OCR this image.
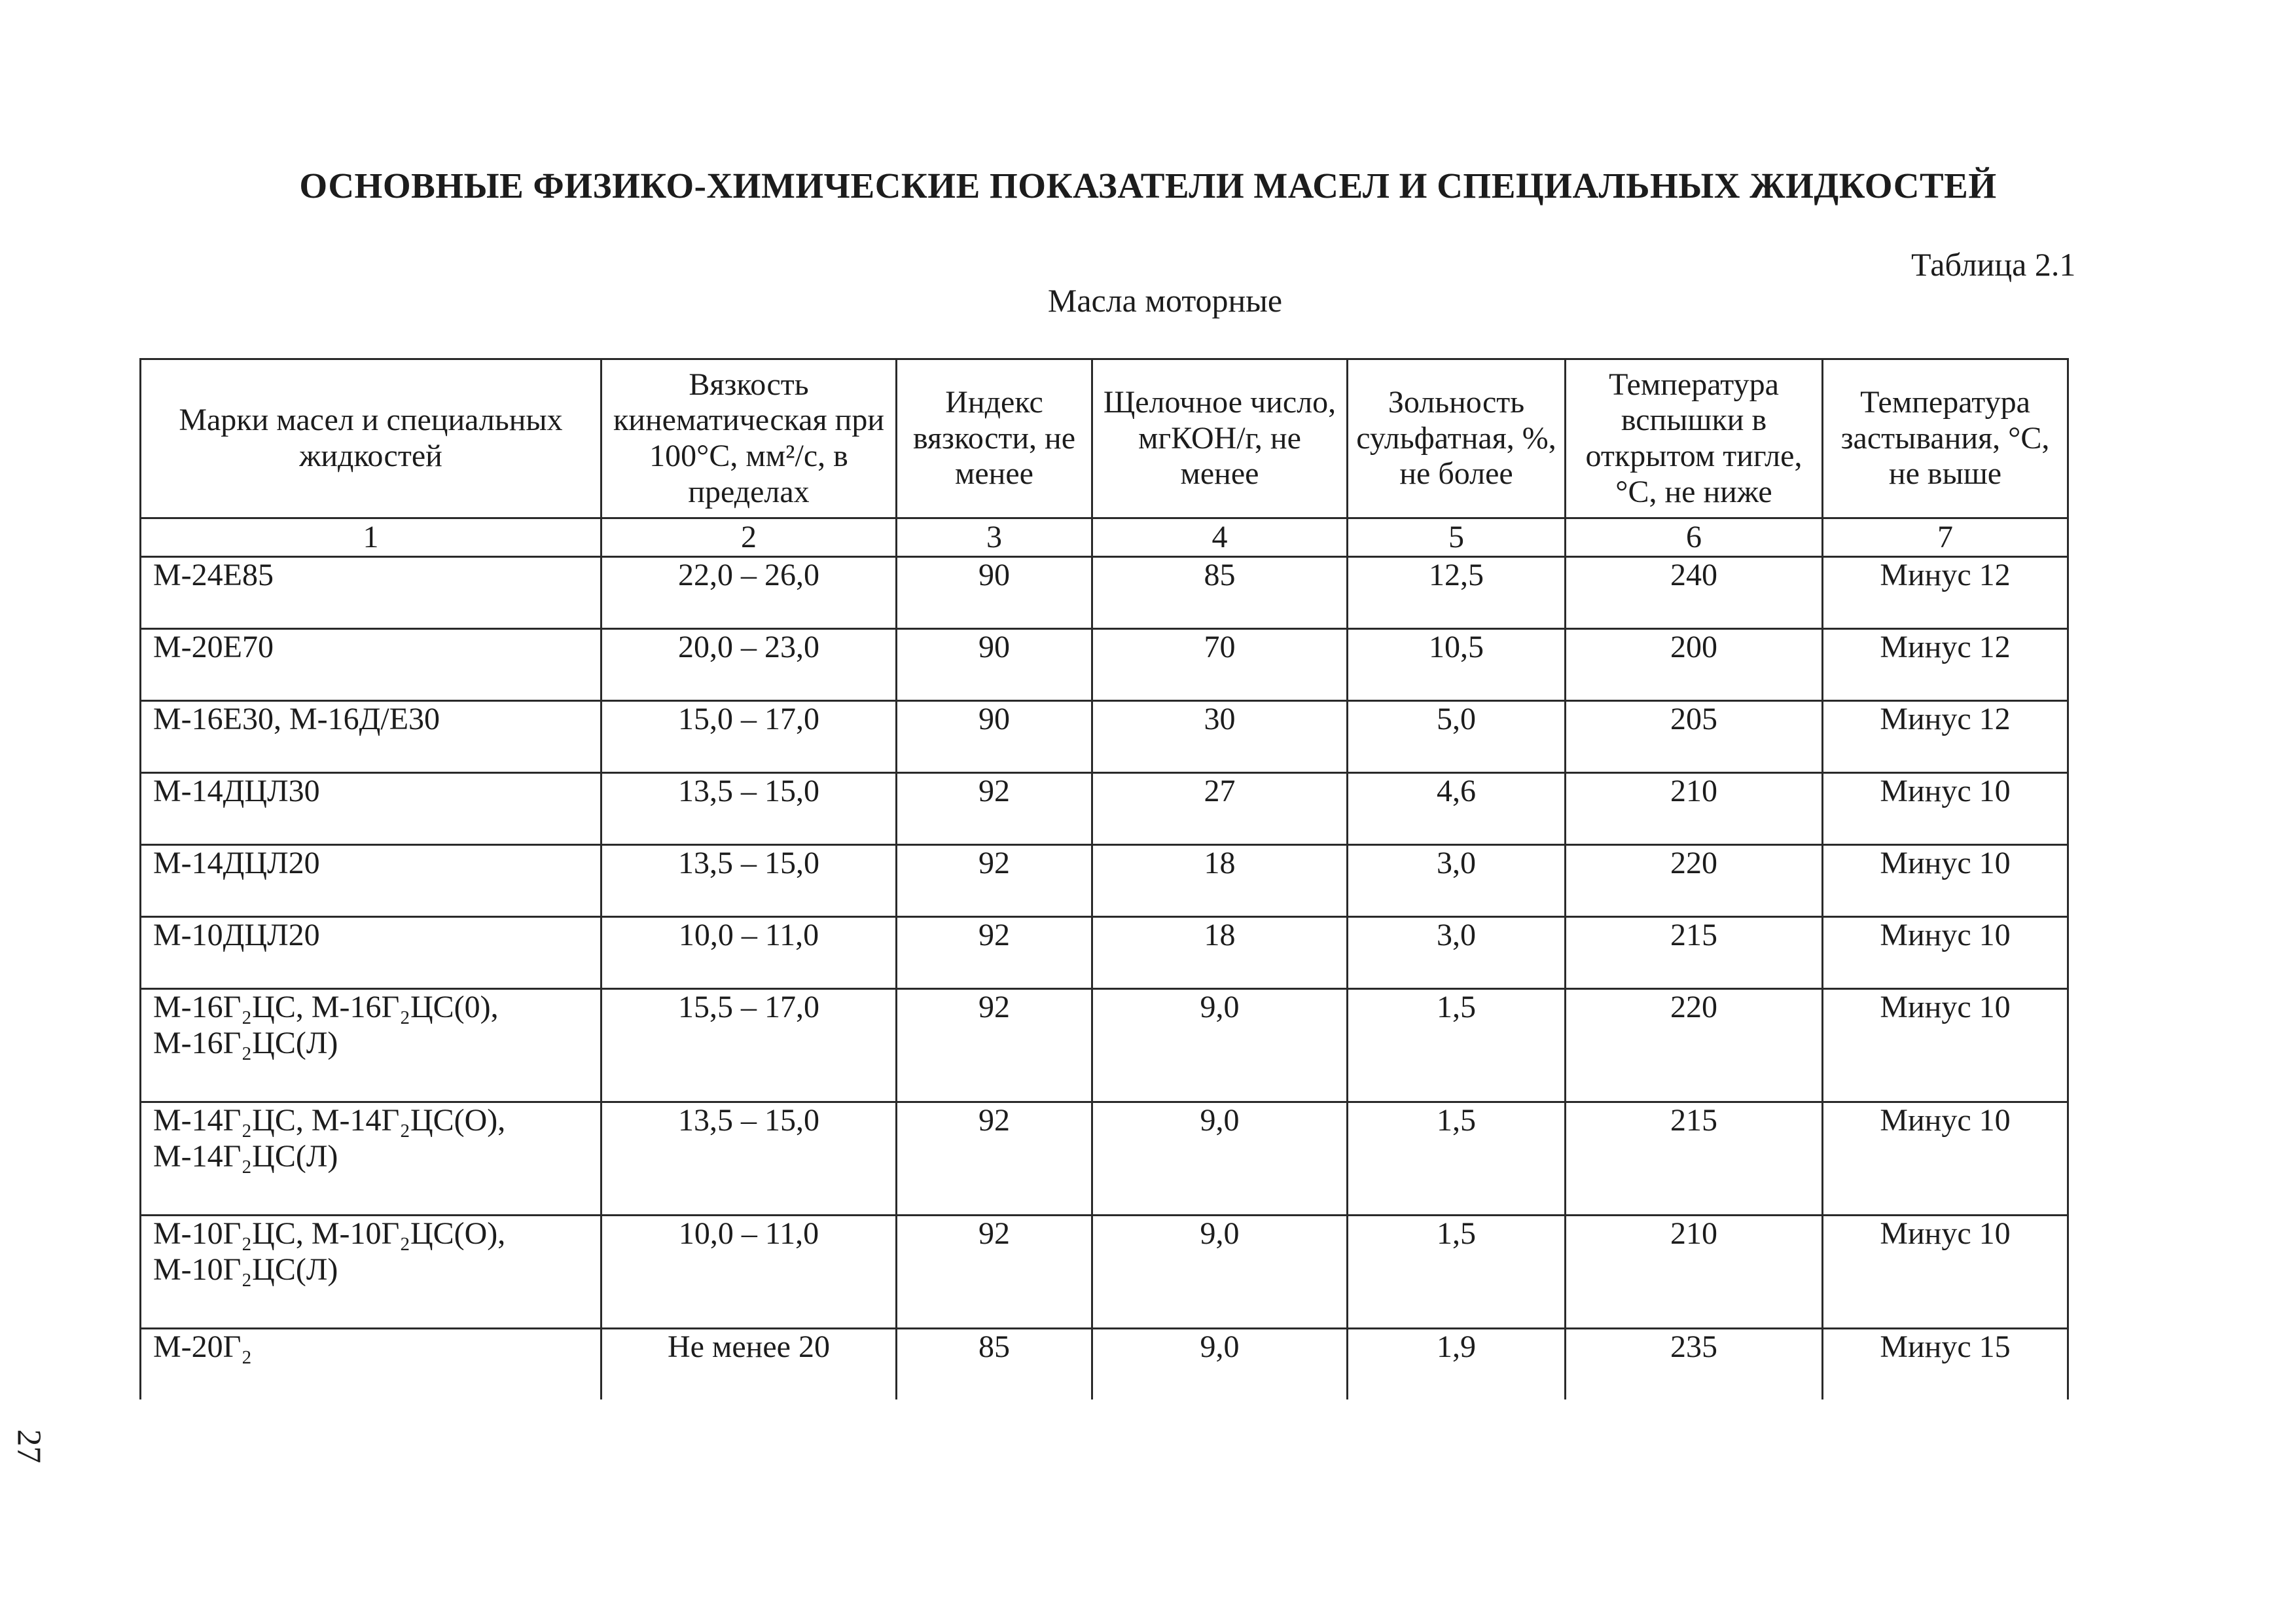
ОСНОВНЫЕ ФИЗИКО-ХИМИЧЕСКИЕ ПОКАЗАТЕЛИ МАСЕЛ И СПЕЦИАЛЬНЫХ ЖИДКОСТЕЙ
Таблица 2.1
Масла моторные
Марки масел и специальных жидкостей	Вязкость кинематическая при 100°С, мм²/с, в пределах	Индекс вязкости, не менее	Щелочное число, мгКОН/г, не менее	Зольность сульфатная, %, не более	Температура вспышки в открытом тигле, °С, не ниже	Температура застывания, °С, не выше
1	2	3	4	5	6	7
М-24Е85	22,0 – 26,0	90	85	12,5	240	Минус 12
М-20Е70	20,0 – 23,0	90	70	10,5	200	Минус 12
М-16Е30, М-16Д/Е30	15,0 – 17,0	90	30	5,0	205	Минус 12
М-14ДЦЛ30	13,5 – 15,0	92	27	4,6	210	Минус 10
М-14ДЦЛ20	13,5 – 15,0	92	18	3,0	220	Минус 10
М-10ДЦЛ20	10,0 – 11,0	92	18	3,0	215	Минус 10
М-16Г₂ЦС, М-16Г₂ЦС(0), М-16Г₂ЦС(Л)	15,5 – 17,0	92	9,0	1,5	220	Минус 10
М-14Г₂ЦС, М-14Г₂ЦС(О), М-14Г₂ЦС(Л)	13,5 – 15,0	92	9,0	1,5	215	Минус 10
М-10Г₂ЦС, М-10Г₂ЦС(О), М-10Г₂ЦС(Л)	10,0 – 11,0	92	9,0	1,5	210	Минус 10
М-20Г₂	Не менее 20	85	9,0	1,9	235	Минус 15
27
